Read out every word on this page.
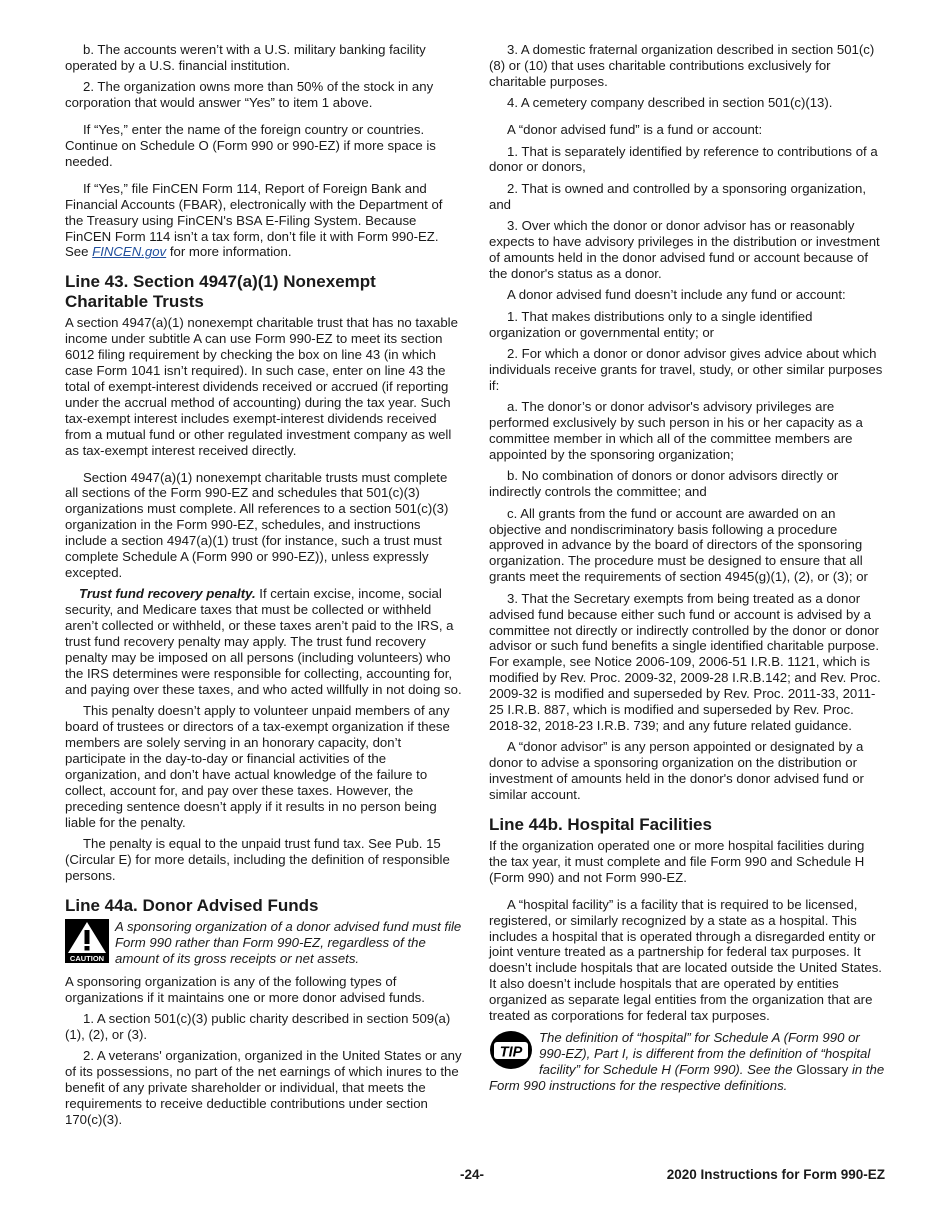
b. The accounts weren’t with a U.S. military banking facility operated by a U.S. financial institution.

2. The organization owns more than 50% of the stock in any corporation that would answer “Yes” to item 1 above.

If “Yes,” enter the name of the foreign country or countries. Continue on Schedule O (Form 990 or 990-EZ) if more space is needed.

If “Yes,” file FinCEN Form 114, Report of Foreign Bank and Financial Accounts (FBAR), electronically with the Department of the Treasury using FinCEN's BSA E-Filing System. Because FinCEN Form 114 isn’t a tax form, don’t file it with Form 990-EZ. See FINCEN.gov for more information.

Line 43. Section 4947(a)(1) Nonexempt Charitable Trusts

A section 4947(a)(1) nonexempt charitable trust that has no taxable income under subtitle A can use Form 990-EZ to meet its section 6012 filing requirement by checking the box on line 43 (in which case Form 1041 isn’t required). In such case, enter on line 43 the total of exempt-interest dividends received or accrued (if reporting under the accrual method of accounting) during the tax year. Such tax-exempt interest includes exempt-interest dividends received from a mutual fund or other regulated investment company as well as tax-exempt interest received directly.

Section 4947(a)(1) nonexempt charitable trusts must complete all sections of the Form 990-EZ and schedules that 501(c)(3) organizations must complete. All references to a section 501(c)(3) organization in the Form 990-EZ, schedules, and instructions include a section 4947(a)(1) trust (for instance, such a trust must complete Schedule A (Form 990 or 990-EZ)), unless expressly excepted.

Trust fund recovery penalty. If certain excise, income, social security, and Medicare taxes that must be collected or withheld aren’t collected or withheld, or these taxes aren’t paid to the IRS, a trust fund recovery penalty may apply. The trust fund recovery penalty may be imposed on all persons (including volunteers) who the IRS determines were responsible for collecting, accounting for, and paying over these taxes, and who acted willfully in not doing so.

This penalty doesn’t apply to volunteer unpaid members of any board of trustees or directors of a tax-exempt organization if these members are solely serving in an honorary capacity, don’t participate in the day-to-day or financial activities of the organization, and don’t have actual knowledge of the failure to collect, account for, and pay over these taxes. However, the preceding sentence doesn’t apply if it results in no person being liable for the penalty.

The penalty is equal to the unpaid trust fund tax. See Pub. 15 (Circular E) for more details, including the definition of responsible persons.

Line 44a. Donor Advised Funds
CAUTION
A sponsoring organization of a donor advised fund must file Form 990 rather than Form 990-EZ, regardless of the amount of its gross receipts or net assets.

A sponsoring organization is any of the following types of organizations if it maintains one or more donor advised funds.

1. A section 501(c)(3) public charity described in section 509(a)(1), (2), or (3).

2. A veterans' organization, organized in the United States or any of its possessions, no part of the net earnings of which inures to the benefit of any private shareholder or individual, that meets the requirements to receive deductible contributions under section 170(c)(3).

3. A domestic fraternal organization described in section 501(c)(8) or (10) that uses charitable contributions exclusively for charitable purposes.

4. A cemetery company described in section 501(c)(13).

A “donor advised fund” is a fund or account:

1. That is separately identified by reference to contributions of a donor or donors,

2. That is owned and controlled by a sponsoring organization, and

3. Over which the donor or donor advisor has or reasonably expects to have advisory privileges in the distribution or investment of amounts held in the donor advised fund or account because of the donor's status as a donor.

A donor advised fund doesn’t include any fund or account:

1. That makes distributions only to a single identified organization or governmental entity; or

2. For which a donor or donor advisor gives advice about which individuals receive grants for travel, study, or other similar purposes if:

a. The donor’s or donor advisor's advisory privileges are performed exclusively by such person in his or her capacity as a committee member in which all of the committee members are appointed by the sponsoring organization;

b. No combination of donors or donor advisors directly or indirectly controls the committee; and

c. All grants from the fund or account are awarded on an objective and nondiscriminatory basis following a procedure approved in advance by the board of directors of the sponsoring organization. The procedure must be designed to ensure that all grants meet the requirements of section 4945(g)(1), (2), or (3); or

3. That the Secretary exempts from being treated as a donor advised fund because either such fund or account is advised by a committee not directly or indirectly controlled by the donor or donor advisor or such fund benefits a single identified charitable purpose. For example, see Notice 2006-109, 2006-51 I.R.B. 1121, which is modified by Rev. Proc. 2009-32, 2009-28 I.R.B.142; and Rev. Proc. 2009-32 is modified and superseded by Rev. Proc. 2011-33, 2011-25 I.R.B. 887, which is modified and superseded by Rev. Proc. 2018-32, 2018-23 I.R.B. 739; and any future related guidance.

A “donor advisor” is any person appointed or designated by a donor to advise a sponsoring organization on the distribution or investment of amounts held in the donor's donor advised fund or similar account.

Line 44b. Hospital Facilities

If the organization operated one or more hospital facilities during the tax year, it must complete and file Form 990 and Schedule H (Form 990) and not Form 990-EZ.

A “hospital facility” is a facility that is required to be licensed, registered, or similarly recognized by a state as a hospital. This includes a hospital that is operated through a disregarded entity or joint venture treated as a partnership for federal tax purposes. It doesn’t include hospitals that are located outside the United States. It also doesn’t include hospitals that are operated by entities organized as separate legal entities from the organization that are treated as corporations for federal tax purposes.

TIP
The definition of “hospital” for Schedule A (Form 990 or 990-EZ), Part I, is different from the definition of “hospital facility” for Schedule H (Form 990). See the Glossary in the Form 990 instructions for the respective definitions.
-24-	2020 Instructions for Form 990-EZ
